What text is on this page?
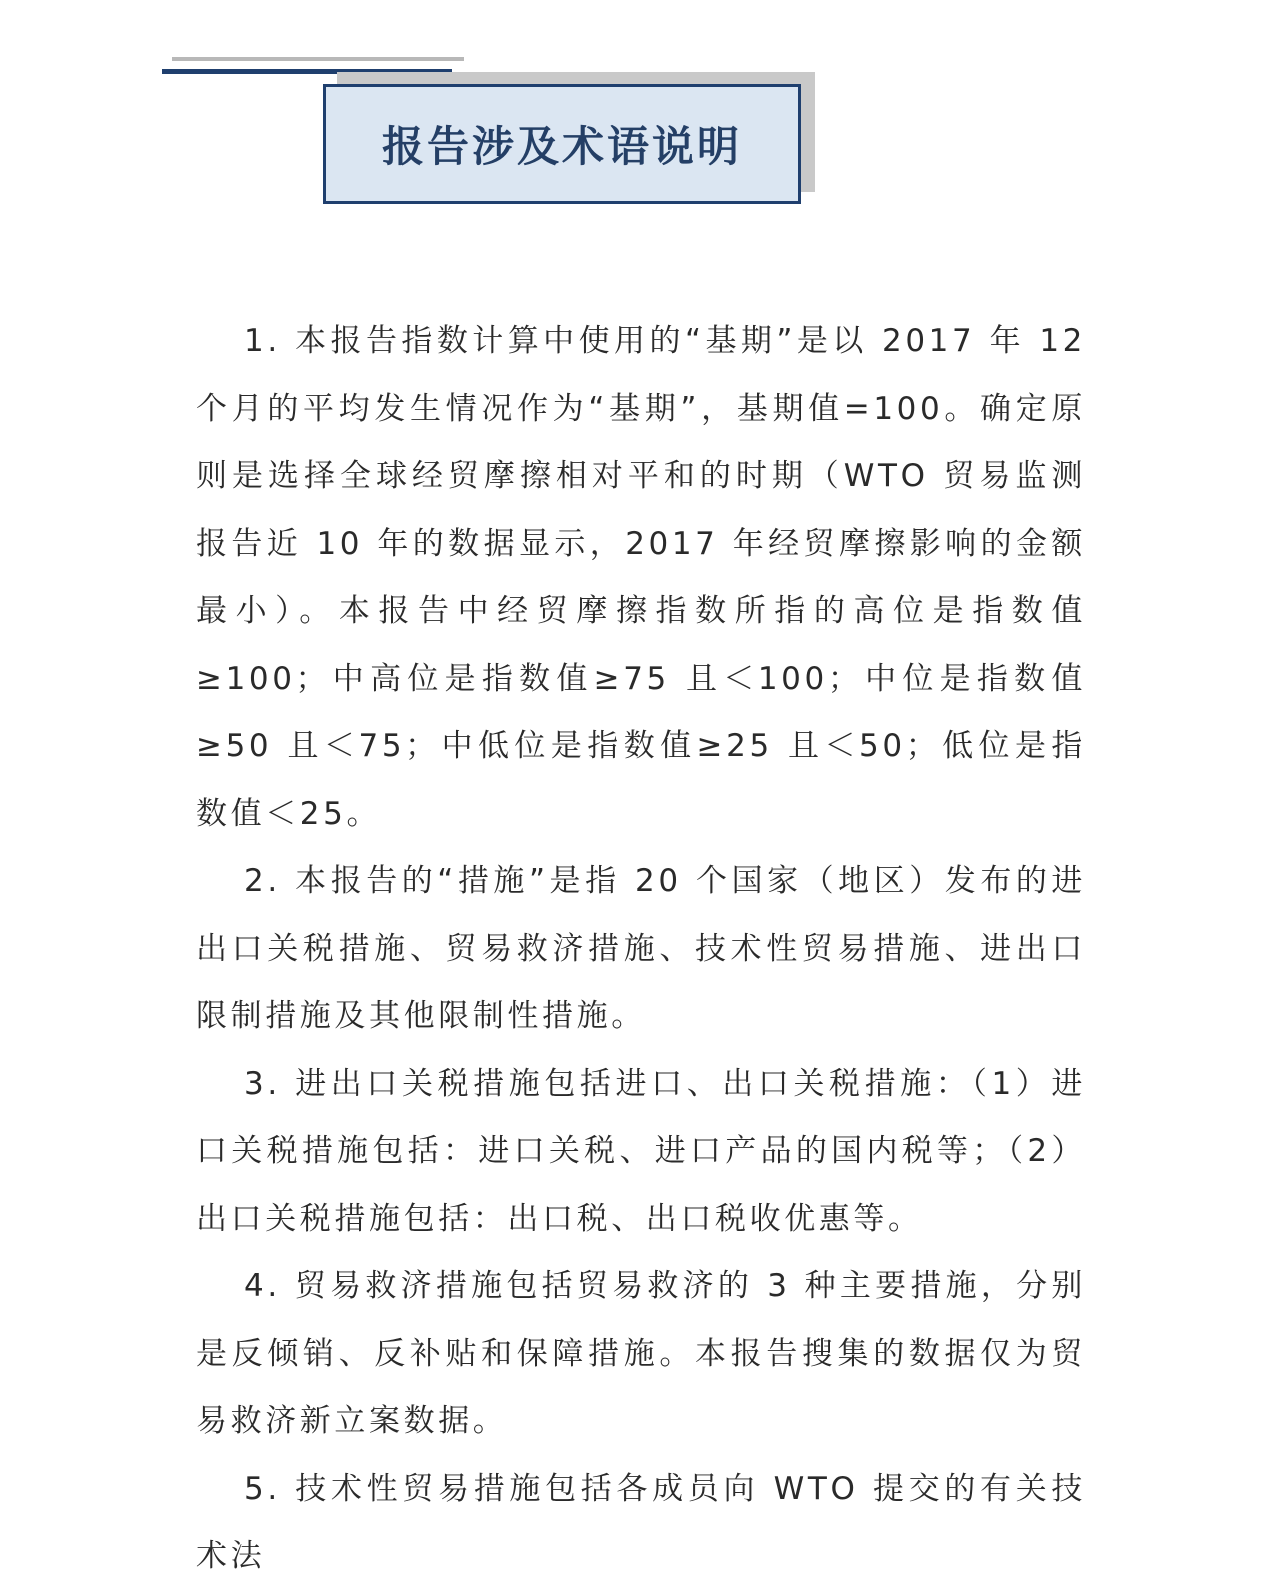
报告涉及术语说明

1. 本报告指数计算中使用的“基期”是以 2017 年 12 个月的平均发生情况作为“基期”，基期值=100。确定原则是选择全球经贸摩擦相对平和的时期（WTO 贸易监测报告近 10 年的数据显示，2017 年经贸摩擦影响的金额最小）。本报告中经贸摩擦指数所指的高位是指数值≥100；中高位是指数值≥75 且＜100；中位是指数值≥50 且＜75；中低位是指数值≥25 且＜50；低位是指数值＜25。

2. 本报告的“措施”是指 20 个国家（地区）发布的进出口关税措施、贸易救济措施、技术性贸易措施、进出口限制措施及其他限制性措施。

3. 进出口关税措施包括进口、出口关税措施：（1）进口关税措施包括：进口关税、进口产品的国内税等；（2）出口关税措施包括：出口税、出口税收优惠等。

4. 贸易救济措施包括贸易救济的 3 种主要措施，分别是反倾销、反补贴和保障措施。本报告搜集的数据仅为贸易救济新立案数据。

5. 技术性贸易措施包括各成员向 WTO 提交的有关技术法
